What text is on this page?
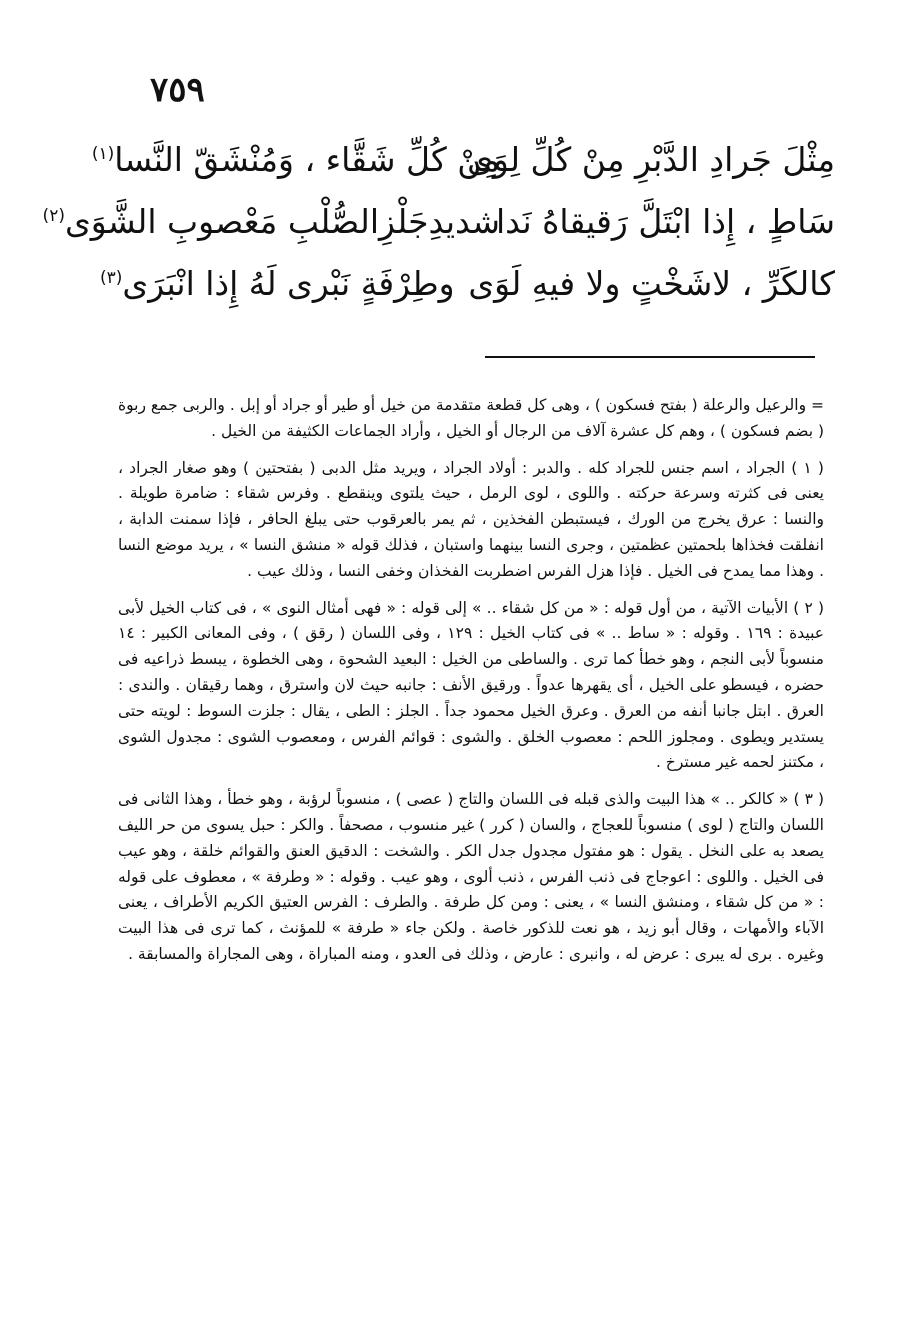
٧٥٩
مِثْلَ جَرادِ الدَّبْرِ مِنْ كُلِّ لِوَى
مِنْ كُلِّ شَقَّاء ، وَمُنْشَقّ النَّسا$^{(١)}$
سَاطٍ ، إِذا ابْتَلَّ رَقيقاهُ نَدا
شديدِجَلْزِالصُّلْبِ مَعْصوبِ الشَّوَى$^{(٢)}$
كالكَرِّ ، لاشَخْتٍ ولا فيهِ لَوَى
وطِرْفَةٍ نَبْرى لَهُ إِذا انْبَرَى$^{(٣)}$

= والرعيل والرعلة ( بفتح فسكون ) ، وهى كل قطعة متقدمة من خيل أو طير أو جراد أو إبل . والربى جمع ربوة ( بضم فسكون ) ، وهم كل عشرة آلاف من الرجال أو الخيل ، وأراد الجماعات الكثيفة من الخيل .

( ١ ) الجراد ، اسم جنس للجراد كله . والدبر : أولاد الجراد ، ويريد مثل الدبى ( بفتحتين ) وهو صغار الجراد ، يعنى فى كثرته وسرعة حركته . واللوى ، لوى الرمل ، حيث يلتوى وينقطع . وفرس شقاء : ضامرة طويلة . والنسا : عرق يخرج من الورك ، فيستبطن الفخذين ، ثم يمر بالعرقوب حتى يبلغ الحافر ، فإذا سمنت الدابة ، انفلقت فخذاها بلحمتين عظمتين ، وجرى النسا بينهما واستبان ، فذلك قوله « منشق النسا » ، يريد موضع النسا . وهذا مما يمدح فى الخيل . فإذا هزل الفرس اضطربت الفخذان وخفى النسا ، وذلك عيب .

( ٢ ) الأبيات الآتية ، من أول قوله : « من كل شقاء .. » إلى قوله : « فهى أمثال النوى » ، فى كتاب الخيل لأبى عبيدة : ١٦٩ . وقوله : « ساط .. » فى كتاب الخيل : ١٢٩ ، وفى اللسان ( رقق ) ، وفى المعانى الكبير : ١٤ منسوباً لأبى النجم ، وهو خطأ كما ترى . والساطى من الخيل : البعيد الشحوة ، وهى الخطوة ، يبسط ذراعيه فى حضره ، فيسطو على الخيل ، أى يقهرها عدواً . ورقيق الأنف : جانبه حيث لان واسترق ، وهما رقيقان . والندى : العرق . ابتل جانبا أنفه من العرق . وعرق الخيل محمود جداً . الجلز : الطى ، يقال : جلزت السوط : لويته حتى يستدير ويطوى . ومجلوز اللحم : معصوب الخلق . والشوى : قوائم الفرس ، ومعصوب الشوى : مجدول الشوى ، مكتنز لحمه غير مسترخ .

( ٣ ) « كالكر .. » هذا البيت والذى قبله فى اللسان والتاج ( عصى ) ، منسوباً لرؤبة ، وهو خطأ ، وهذا الثانى فى اللسان والتاج ( لوى ) منسوباً للعجاج ، والسان ( كرر ) غير منسوب ، مصحفاً . والكر : حبل يسوى من حر الليف يصعد به على النخل . يقول : هو مفتول مجدول جدل الكر . والشخت : الدقيق العنق والقوائم خلقة ، وهو عيب فى الخيل . واللوى : اعوجاج فى ذنب الفرس ، ذنب ألوى ، وهو عيب . وقوله : « وطرفة » ، معطوف على قوله : « من كل شقاء ، ومنشق النسا » ، يعنى : ومن كل طرفة . والطرف : الفرس العتيق الكريم الأطراف ، يعنى الآباء والأمهات ، وقال أبو زيد ، هو نعت للذكور خاصة . ولكن جاء « طرفة » للمؤنث ، كما ترى فى هذا البيت وغيره . برى له يبرى : عرض له ، وانبرى : عارض ، وذلك فى العدو ، ومنه المباراة ، وهى المجاراة والمسابقة .
